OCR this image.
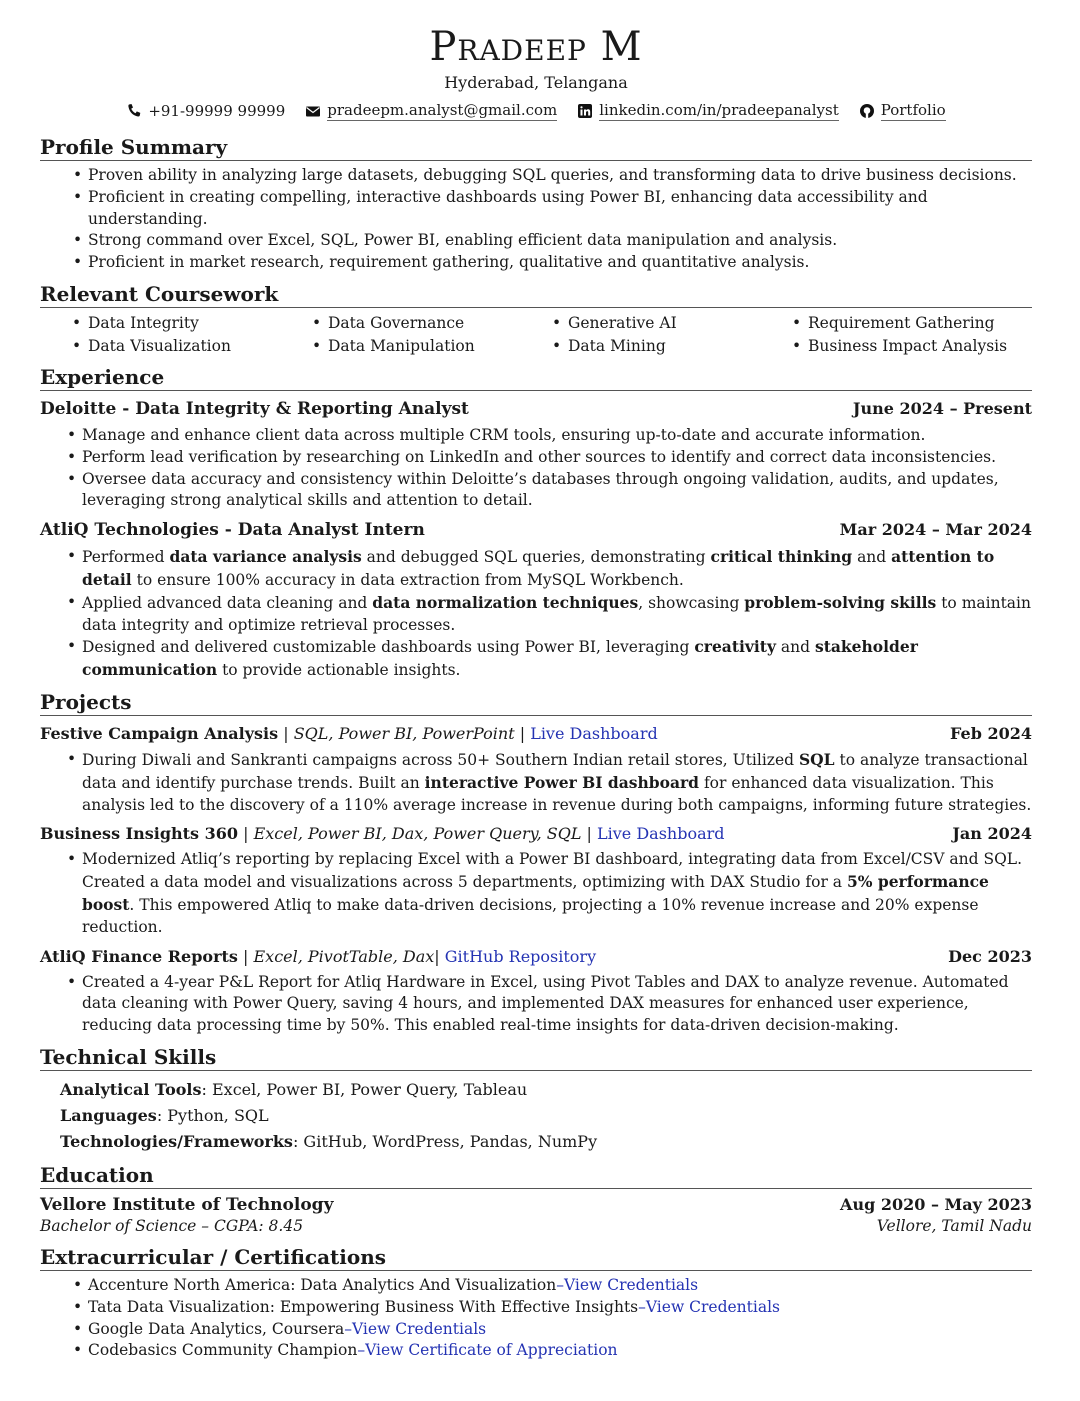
Pradeep M
Hyderabad, Telangana
+91-99999 99999	pradeepm.analyst@gmail.com	linkedin.com/in/pradeepanalyst	Portfolio
Profile Summary
• Proven ability in analyzing large datasets, debugging SQL queries, and transforming data to drive business decisions.
• Proficient in creating compelling, interactive dashboards using Power BI, enhancing data accessibility and understanding.
• Strong command over Excel, SQL, Power BI, enabling efficient data manipulation and analysis.
• Proficient in market research, requirement gathering, qualitative and quantitative analysis.
Relevant Coursework
• Data Integrity	• Data Governance	• Generative AI	• Requirement Gathering
• Data Visualization	• Data Manipulation	• Data Mining	• Business Impact Analysis
Experience
Deloitte - Data Integrity & Reporting Analyst	June 2024 – Present
• Manage and enhance client data across multiple CRM tools, ensuring up-to-date and accurate information.
• Perform lead verification by researching on LinkedIn and other sources to identify and correct data inconsistencies.
• Oversee data accuracy and consistency within Deloitte’s databases through ongoing validation, audits, and updates, leveraging strong analytical skills and attention to detail.
AtliQ Technologies - Data Analyst Intern	Mar 2024 – Mar 2024
• Performed data variance analysis and debugged SQL queries, demonstrating critical thinking and attention to detail to ensure 100% accuracy in data extraction from MySQL Workbench.
• Applied advanced data cleaning and data normalization techniques, showcasing problem-solving skills to maintain data integrity and optimize retrieval processes.
• Designed and delivered customizable dashboards using Power BI, leveraging creativity and stakeholder communication to provide actionable insights.
Projects
Festive Campaign Analysis | SQL, Power BI, PowerPoint | Live Dashboard	Feb 2024
• During Diwali and Sankranti campaigns across 50+ Southern Indian retail stores, Utilized SQL to analyze transactional data and identify purchase trends. Built an interactive Power BI dashboard for enhanced data visualization. This analysis led to the discovery of a 110% average increase in revenue during both campaigns, informing future strategies.
Business Insights 360 | Excel, Power BI, Dax, Power Query, SQL | Live Dashboard	Jan 2024
• Modernized Atliq’s reporting by replacing Excel with a Power BI dashboard, integrating data from Excel/CSV and SQL. Created a data model and visualizations across 5 departments, optimizing with DAX Studio for a 5% performance boost. This empowered Atliq to make data-driven decisions, projecting a 10% revenue increase and 20% expense reduction.
AtliQ Finance Reports | Excel, PivotTable, Dax| GitHub Repository	Dec 2023
• Created a 4-year P&L Report for Atliq Hardware in Excel, using Pivot Tables and DAX to analyze revenue. Automated data cleaning with Power Query, saving 4 hours, and implemented DAX measures for enhanced user experience, reducing data processing time by 50%. This enabled real-time insights for data-driven decision-making.
Technical Skills
Analytical Tools: Excel, Power BI, Power Query, Tableau
Languages: Python, SQL
Technologies/Frameworks: GitHub, WordPress, Pandas, NumPy
Education
Vellore Institute of Technology	Aug 2020 – May 2023
Bachelor of Science – CGPA: 8.45	Vellore, Tamil Nadu
Extracurricular / Certifications
• Accenture North America: Data Analytics And Visualization–View Credentials
• Tata Data Visualization: Empowering Business With Effective Insights–View Credentials
• Google Data Analytics, Coursera–View Credentials
• Codebasics Community Champion–View Certificate of Appreciation
